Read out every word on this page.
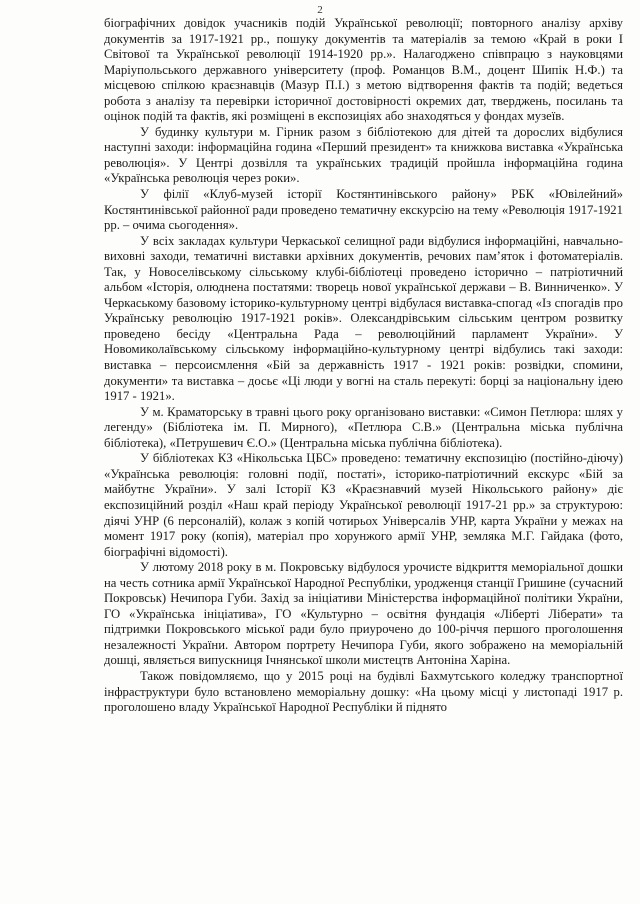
2

біографічних довідок учасників подій Української революції; повторного аналізу архіву документів за 1917-1921 рр., пошуку документів та матеріалів за темою «Край в роки І Світової та Української революції 1914-1920 рр.». Налагоджено співпрацю з науковцями Маріупольського державного університету (проф. Романцов В.М., доцент Шипік Н.Ф.) та місцевою спілкою краєзнавців (Мазур П.І.) з метою відтворення фактів та подій; ведеться робота з аналізу та перевірки історичної достовірності окремих дат, тверджень, посилань та оцінок подій та фактів, які розміщені в експозиціях або знаходяться у фондах музеїв.

У будинку культури м. Гірник разом з бібліотекою для дітей та дорослих відбулися наступні заходи: інформаційна година «Перший президент» та книжкова виставка «Українська революція». У Центрі дозвілля та українських традицій пройшла інформаційна година «Українська революція через роки».

У філії «Клуб-музей історії Костянтинівського району» РБК «Ювілейний» Костянтинівської районної ради проведено тематичну екскурсію на тему «Революція 1917-1921 рр. – очима сьогодення».

У всіх закладах культури Черкаської селищної ради відбулися інформаційні, навчально-виховні заходи, тематичні виставки архівних документів, речових пам’яток і фотоматеріалів. Так, у Новоселівському сільському клубі-бібліотеці проведено історично – патріотичний альбом «Історія, олюднена постатями: творець нової української держави – В. Винниченко». У Черкаському базовому історико-культурному центрі відбулася виставка-спогад «Із спогадів про Українську революцію 1917-1921 років». Олександрівським сільським центром розвитку проведено бесіду «Центральна Рада – революційний парламент України». У Новомиколаївському сільському інформаційно-культурному центрі відбулись такі заходи: виставка – персоисмлення «Бій за державність 1917 - 1921 років: розвідки, спомини, документи» та виставка – досьє «Ці люди у вогні на сталь перекуті: борці за національну ідею 1917 - 1921».

У м. Краматорську в травні цього року організовано виставки: «Симон Петлюра: шлях у легенду» (Бібліотека ім. П. Мирного), «Петлюра С.В.» (Центральна міська публічна бібліотека), «Петрушевич Є.О.» (Центральна міська публічна бібліотека).

У бібліотеках КЗ «Нікольська ЦБС» проведено: тематичну експозицію (постійно-діючу) «Українська революція: головні події, постаті», історико-патріотичний екскурс «Бій за майбутнє України». У залі Історії КЗ «Краєзнавчий музей Нікольського району» діє експозиційний розділ «Наш край періоду Української революції 1917-21 рр.» за структурою: діячі УНР (6 персоналій), колаж з копій чотирьох Універсалів УНР, карта України у межах на момент 1917 року (копія), матеріал про хорунжого армії УНР, земляка М.Г. Гайдака (фото, біографічні відомості).

У лютому 2018 року в м. Покровську відбулося урочисте відкриття меморіальної дошки на честь сотника армії Української Народної Республіки, уродженця станції Гришине (сучасний Покровськ) Нечипора Губи. Захід за ініціативи Міністерства інформаційної політики України, ГО «Українська ініціатива», ГО «Культурно – освітня фундація «Ліберті Ліберати» та підтримки Покровського міської ради було приурочено до 100-річчя першого проголошення незалежності України. Автором портрету Нечипора Губи, якого зображено на меморіальній дошці, являється випускниця Ічнянської школи мистецтв Антоніна Харіна.

Також повідомляємо, що у 2015 році на будівлі Бахмутського коледжу транспортної інфраструктури було встановлено меморіальну дошку: «На цьому місці у листопаді 1917 р. проголошено владу Української Народної Республіки й піднято
